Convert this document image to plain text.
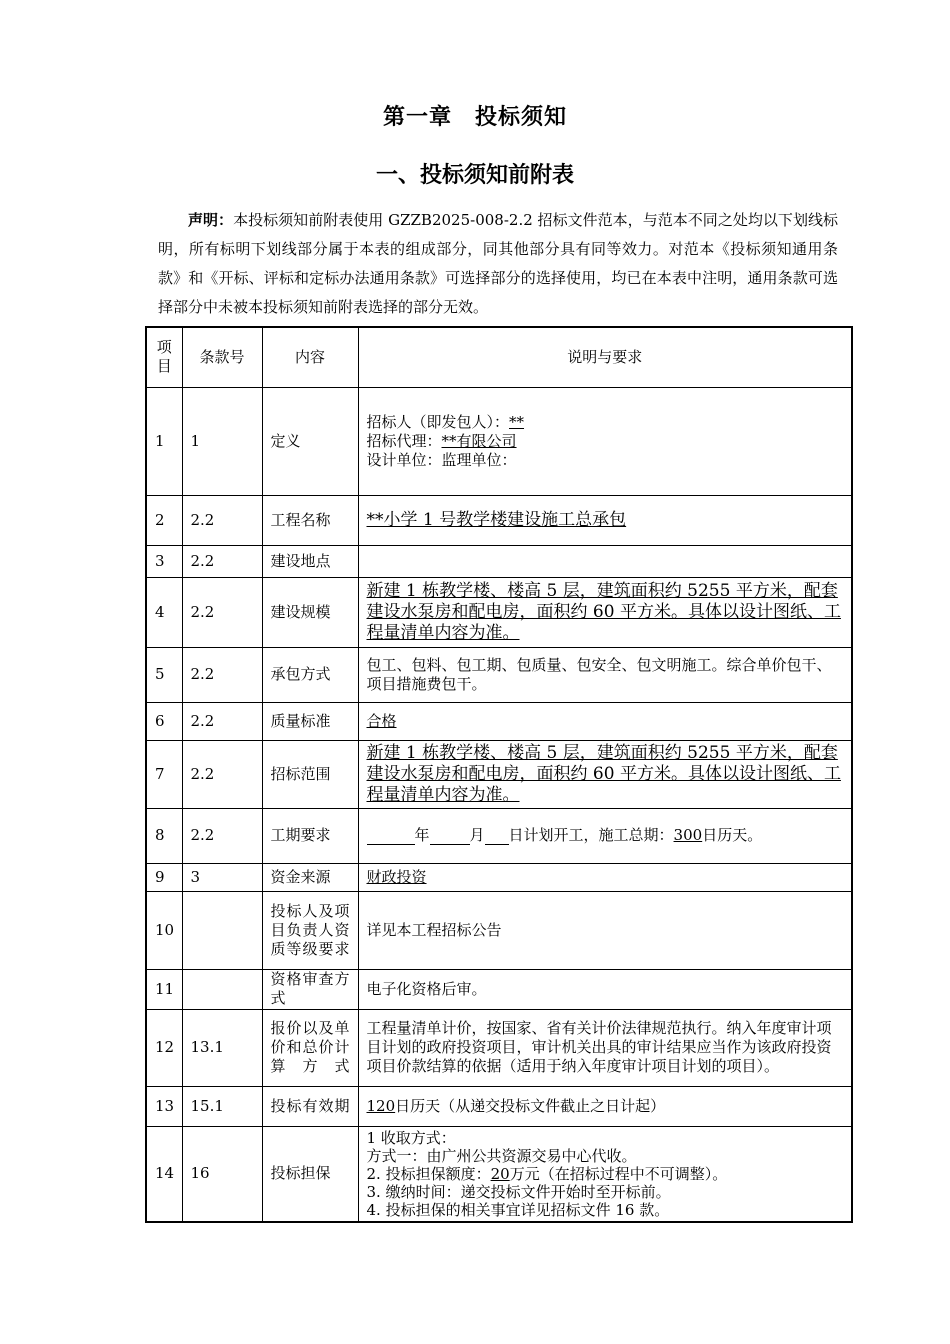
第一章　投标须知
一、投标须知前附表
声明：本投标须知前附表使用 GZZB2025-008-2.2 招标文件范本，与范本不同之处均以下划线标明，所有标明下划线部分属于本表的组成部分，同其他部分具有同等效力。对范本《投标须知通用条款》和《开标、评标和定标办法通用条款》可选择部分的选择使用，均已在本表中注明，通用条款可选择部分中未被本投标须知前附表选择的部分无效。
项目	条款号	内容	说明与要求
1	1	定义	招标人（即发包人）：**
招标代理：**有限公司
设计单位：监理单位：

2	2.2	工程名称	**小学 1 号教学楼建设施工总承包
3	2.2	建设地点	
4	2.2	建设规模	新建 1 栋教学楼、楼高 5 层，建筑面积约 5255 平方米，配套建设水泵房和配电房，面积约 60 平方米。具体以设计图纸、工程量清单内容为准。
5	2.2	承包方式	包工、包料、包工期、包质量、包安全、包文明施工。综合单价包干、项目措施费包干。
6	2.2	质量标准	合格
7	2.2	招标范围	新建 1 栋教学楼、楼高 5 层，建筑面积约 5255 平方米，配套建设水泵房和配电房，面积约 60 平方米。具体以设计图纸、工程量清单内容为准。
8	2.2	工期要求	年 月 日计划开工，施工总期：300日历天。
9	3	资金来源	财政投资
10		投标人及项目负责人资质等级要求	详见本工程招标公告
11		资格审查方式	电子化资格后审。
12	13.1	报价以及单价和总价计算方式	工程量清单计价，按国家、省有关计价法律规范执行。纳入年度审计项目计划的政府投资项目，审计机关出具的审计结果应当作为该政府投资项目价款结算的依据（适用于纳入年度审计项目计划的项目）。
13	15.1	投标有效期	120日历天（从递交投标文件截止之日计起）
14	16	投标担保	1 收取方式：
方式一：由广州公共资源交易中心代收。
2. 投标担保额度：20万元（在招标过程中不可调整）。
3. 缴纳时间：递交投标文件开始时至开标前。
4. 投标担保的相关事宜详见招标文件 16 款。
